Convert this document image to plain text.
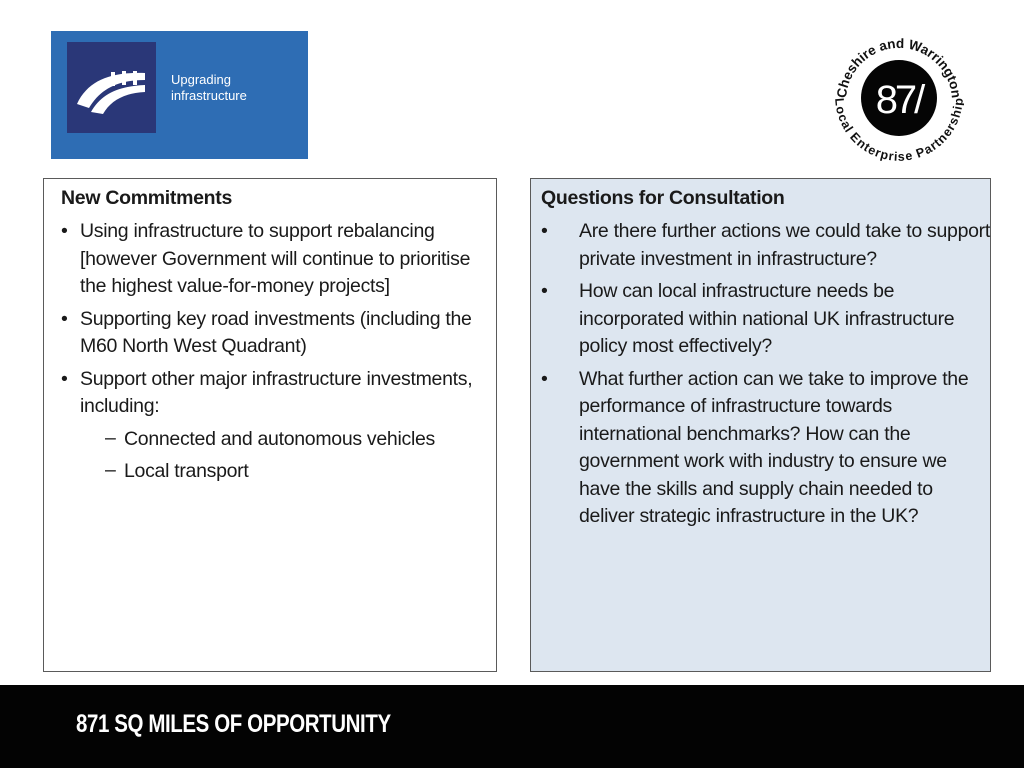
Upgrading
infrastructure	Cheshire and Warrington
ocal Enterprise Partnershi
87/
New Commitments
• Using infrastructure to support rebalancing [however Government will continue to prioritise the highest value-for-money projects]
• Supporting key road investments (including the M60 North West Quadrant)
• Support other major infrastructure investments, including:
– Connected and autonomous vehicles
– Local transport
Questions for Consultation
• Are there further actions we could take to support private investment in infrastructure?
• How can local infrastructure needs be incorporated within national UK infrastructure policy most effectively?
• What further action can we take to improve the performance of infrastructure towards international benchmarks? How can the government work with industry to ensure we have the skills and supply chain needed to deliver strategic infrastructure in the UK?
871 SQ MILES OF OPPORTUNITY
